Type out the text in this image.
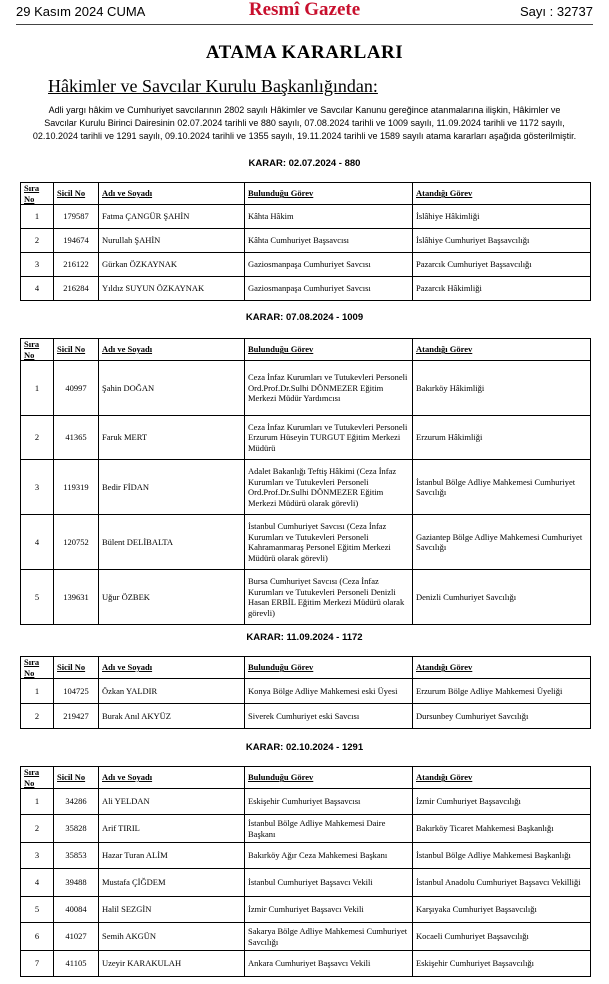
29 Kasım 2024 CUMA	Resmî Gazete	Sayı : 32737
ATAMA KARARLARI
Hâkimler ve Savcılar Kurulu Başkanlığından:
Adli yargı hâkim ve Cumhuriyet savcılarının 2802 sayılı Hâkimler ve Savcılar Kanunu gereğince atanmalarına ilişkin, Hâkimler ve
Savcılar Kurulu Birinci Dairesinin 02.07.2024 tarihli ve 880 sayılı, 07.08.2024 tarihli ve 1009 sayılı, 11.09.2024 tarihli ve 1172 sayılı,
02.10.2024 tarihli ve 1291 sayılı, 09.10.2024 tarihli ve 1355 sayılı, 19.11.2024 tarihli ve 1589 sayılı atama kararları aşağıda gösterilmiştir.
KARAR: 02.07.2024 - 880
Sıra No	Sicil No	Adı ve Soyadı	Bulunduğu Görev	Atandığı Görev
1	179587	Fatma ÇANGÜR ŞAHİN	Kâhta Hâkim	İslâhiye Hâkimliği
2	194674	Nurullah ŞAHİN	Kâhta Cumhuriyet Başsavcısı	İslâhiye Cumhuriyet Başsavcılığı
3	216122	Gürkan ÖZKAYNAK	Gaziosmanpaşa Cumhuriyet Savcısı	Pazarcık Cumhuriyet Başsavcılığı
4	216284	Yıldız SUYUN ÖZKAYNAK	Gaziosmanpaşa Cumhuriyet Savcısı	Pazarcık Hâkimliği
KARAR: 07.08.2024 - 1009
Sıra No	Sicil No	Adı ve Soyadı	Bulunduğu Görev	Atandığı Görev
1	40997	Şahin DOĞAN	Ceza İnfaz Kurumları ve Tutukevleri Personeli Ord.Prof.Dr.Sulhi DÖNMEZER Eğitim Merkezi Müdür Yardımcısı	Bakırköy Hâkimliği
2	41365	Faruk MERT	Ceza İnfaz Kurumları ve Tutukevleri Personeli Erzurum Hüseyin TURGUT Eğitim Merkezi Müdürü	Erzurum Hâkimliği
3	119319	Bedir FİDAN	Adalet Bakanlığı Teftiş Hâkimi (Ceza İnfaz Kurumları ve Tutukevleri Personeli Ord.Prof.Dr.Sulhi DÖNMEZER Eğitim Merkezi Müdürü olarak görevli)	İstanbul Bölge Adliye Mahkemesi Cumhuriyet Savcılığı
4	120752	Bülent DELİBALTA	İstanbul Cumhuriyet Savcısı (Ceza İnfaz Kurumları ve Tutukevleri Personeli Kahramanmaraş Personel Eğitim Merkezi Müdürü olarak görevli)	Gaziantep Bölge Adliye Mahkemesi Cumhuriyet Savcılığı
5	139631	Uğur ÖZBEK	Bursa Cumhuriyet Savcısı (Ceza İnfaz Kurumları ve Tutukevleri Personeli Denizli Hasan ERBİL Eğitim Merkezi Müdürü olarak görevli)	Denizli Cumhuriyet Savcılığı
KARAR: 11.09.2024 - 1172
Sıra No	Sicil No	Adı ve Soyadı	Bulunduğu Görev	Atandığı Görev
1	104725	Özkan YALDIR	Konya Bölge Adliye Mahkemesi eski Üyesi	Erzurum Bölge Adliye Mahkemesi Üyeliği
2	219427	Burak Anıl AKYÜZ	Siverek Cumhuriyet eski Savcısı	Dursunbey Cumhuriyet Savcılığı
KARAR: 02.10.2024 - 1291
Sıra No	Sicil No	Adı ve Soyadı	Bulunduğu Görev	Atandığı Görev
1	34286	Ali YELDAN	Eskişehir Cumhuriyet Başsavcısı	İzmir Cumhuriyet Başsavcılığı
2	35828	Arif TIRIL	İstanbul Bölge Adliye Mahkemesi Daire Başkanı	Bakırköy Ticaret Mahkemesi Başkanlığı
3	35853	Hazar Turan ALİM	Bakırköy Ağır Ceza Mahkemesi Başkanı	İstanbul Bölge Adliye Mahkemesi Başkanlığı
4	39488	Mustafa ÇİĞDEM	İstanbul Cumhuriyet Başsavcı Vekili	İstanbul Anadolu Cumhuriyet Başsavcı Vekilliği
5	40084	Halil SEZGİN	İzmir Cumhuriyet Başsavcı Vekili	Karşıyaka Cumhuriyet Başsavcılığı
6	41027	Semih AKGÜN	Sakarya Bölge Adliye Mahkemesi Cumhuriyet Savcılığı	Kocaeli Cumhuriyet Başsavcılığı
7	41105	Uzeyir KARAKULAH	Ankara Cumhuriyet Başsavcı Vekili	Eskişehir Cumhuriyet Başsavcılığı
